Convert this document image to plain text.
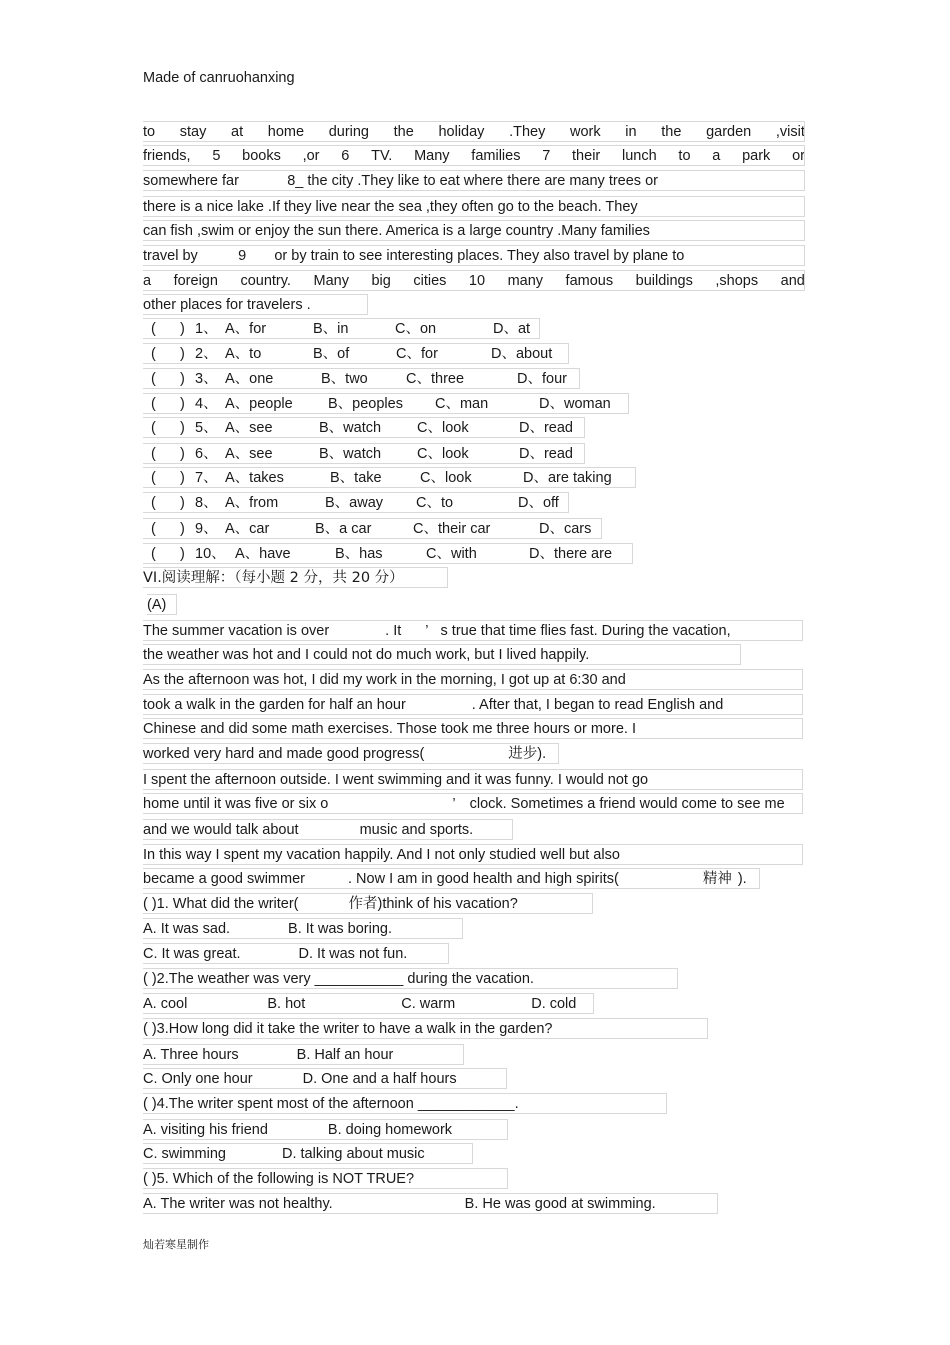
Made of canruohanxing
to stay at home during the holiday .They work in the garden ,visit
friends, 5 books ,or 6 TV. Many families 7 their lunch to a park or
somewhere far            8_ the city .They like to eat where there are many trees or
there is a nice lake .If they live near the sea ,they often go to the beach. They
can fish ,swim or enjoy the sun there. America is a large country .Many families
travel by          9       or by train to see interesting places. They also travel by plane to
a foreign country. Many big cities 10 many famous buildings ,shops and
other places for travelers .
(      ) 1、 A、for	B、in	C、on	D、at
(      ) 2、 A、to	B、of	C、for	D、about
(      ) 3、 A、one	B、two	C、three	D、four
(      ) 4、 A、people B、peoples C、man	D、woman
(      ) 5、 A、see	B、watch C、look	D、read
(      ) 6、 A、see	B、watch C、look	D、read
(      ) 7、 A、takes	B、take	C、look	D、are taking
(      ) 8、 A、from	B、away C、to	D、off
(      ) 9、 A、car	B、a car	C、their car	D、cars
(      ) 10、 A、have	B、has	C、with	D、there are
VI.阅读理解：（每小题 2 分，共 20 分）
(A)
The summer vacation is over	. It ’ s true that time flies fast. During the vacation,
the weather was hot and I could not do much work, but I lived happily.
As the afternoon was hot, I did my work in the morning, I got up at 6:30 and
took a walk in the garden for half an hour	. After that, I began to read English and
Chinese and did some math exercises. Those took me three hours or more. I
worked very hard and made good progress(	进步).
I spent the afternoon outside. I went swimming and it was funny. I would not go
home until it was five or six o	’ clock. Sometimes a friend would come to see me
and we would talk about	music and sports.
In this way I spent my vacation happily. And I not only studied well but also
became a good swimmer	. Now I am in good health and high spirits(	精神 ).
( )1. What did the writer(	作者)think of his vacation?
A. It was sad.	B. It was boring.
C. It was great.	D. It was not fun.
( )2.The weather was very ___________ during the vacation.
A. cool	B. hot	C. warm	D. cold
( )3.How long did it take the writer to have a walk in the garden?
A. Three hours	B. Half an hour
C. Only one hour	D. One and a half hours
( )4.The writer spent most of the afternoon ____________.
A. visiting his friend	B. doing homework
C. swimming	D. talking about music
( )5. Which of the following is NOT TRUE?
A. The writer was not healthy.	B. He was good at swimming.
灿若寒星制作
